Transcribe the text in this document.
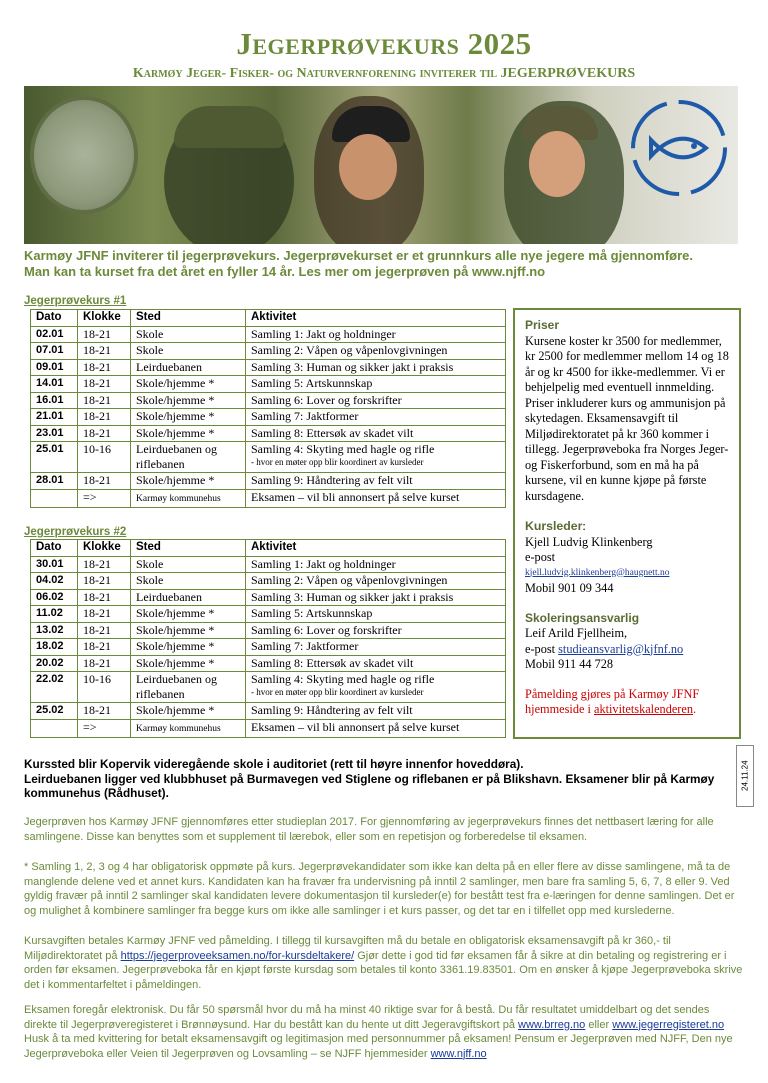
Jegerprøvekurs 2025
Karmøy Jeger- Fisker- og Naturvernforening inviterer til JEGERPRØVEKURS
Karmøy JFNF inviterer til jegerprøvekurs. Jegerprøvekurset er et grunnkurs alle nye jegere må gjennomføre.
Man kan ta kurset fra det året en fyller 14 år. Les mer om jegerprøven på www.njff.no
Jegerprøvekurs #1
Dato	Klokke	Sted	Aktivitet
02.01	18-21	Skole	Samling 1: Jakt og holdninger
07.01	18-21	Skole	Samling 2: Våpen og våpenlovgivningen
09.01	18-21	Leirduebanen	Samling 3: Human og sikker jakt i praksis
14.01	18-21	Skole/hjemme *	Samling 5: Artskunnskap
16.01	18-21	Skole/hjemme *	Samling 6: Lover og forskrifter
21.01	18-21	Skole/hjemme *	Samling 7: Jaktformer
23.01	18-21	Skole/hjemme *	Samling 8: Ettersøk av skadet vilt
25.01	10-16	Leirduebanen og
riflebanen	Samling 4: Skyting med hagle og rifle
- hvor en møter opp blir koordinert av kursleder

28.01	18-21	Skole/hjemme *	Samling 9: Håndtering av felt vilt
	=>	Karmøy kommunehus	Eksamen – vil bli annonsert på selve kurset
Jegerprøvekurs #2
Dato	Klokke	Sted	Aktivitet
30.01	18-21	Skole	Samling 1: Jakt og holdninger
04.02	18-21	Skole	Samling 2: Våpen og våpenlovgivningen
06.02	18-21	Leirduebanen	Samling 3: Human og sikker jakt i praksis
11.02	18-21	Skole/hjemme *	Samling 5: Artskunnskap
13.02	18-21	Skole/hjemme *	Samling 6: Lover og forskrifter
18.02	18-21	Skole/hjemme *	Samling 7: Jaktformer
20.02	18-21	Skole/hjemme *	Samling 8: Ettersøk av skadet vilt
22.02	10-16	Leirduebanen og
riflebanen	Samling 4: Skyting med hagle og rifle
- hvor en møter opp blir koordinert av kursleder

25.02	18-21	Skole/hjemme *	Samling 9: Håndtering av felt vilt
	=>	Karmøy kommunehus	Eksamen – vil bli annonsert på selve kurset
Priser
Kursene koster kr 3500 for medlemmer, kr 2500 for medlemmer mellom 14 og 18 år og kr 4500 for ikke-medlemmer. Vi er behjelpelig med eventuell innmelding. Priser inkluderer kurs og ammunisjon på skytedagen. Eksamensavgift til Miljødirektoratet på kr 360 kommer i tillegg. Jegerprøveboka fra Norges Jeger- og Fiskerforbund, som en må ha på kursene, vil en kunne kjøpe på første kursdagene.
Kursleder:
Kjell Ludvig Klinkenberg
e-post
kjell.ludvig.klinkenberg@haugnett.no
Mobil 901 09 344
Skoleringsansvarlig
Leif Arild Fjellheim,
e-post studieansvarlig@kjfnf.no
Mobil 911 44 728
Påmelding gjøres på Karmøy JFNF hjemmeside i aktivitetskalenderen.
24.11.24
Kurssted blir Kopervik videregående skole i auditoriet (rett til høyre innenfor hoveddøra).
Leirduebanen ligger ved klubbhuset på Burmavegen ved Stiglene og riflebanen er på Blikshavn. Eksamener blir på Karmøy kommunehus (Rådhuset).
Jegerprøven hos Karmøy JFNF gjennomføres etter studieplan 2017. For gjennomføring av jegerprøvekurs finnes det nettbasert læring for alle samlingene. Disse kan benyttes som et supplement til lærebok, eller som en repetisjon og forberedelse til eksamen.
* Samling 1, 2, 3 og 4 har obligatorisk oppmøte på kurs. Jegerprøvekandidater som ikke kan delta på en eller flere av disse samlingene, må ta de manglende delene ved et annet kurs. Kandidaten kan ha fravær fra undervisning på inntil 2 samlinger, men bare fra samling 5, 6, 7, 8 eller 9. Ved gyldig fravær på inntil 2 samlinger skal kandidaten levere dokumentasjon til kursleder(e) for bestått test fra e-læringen for denne samlingen. Det er og mulighet å kombinere samlinger fra begge kurs om ikke alle samlinger i et kurs passer, og det tar en i tilfellet opp med kurslederne.
Kursavgiften betales Karmøy JFNF ved påmelding. I tillegg til kursavgiften må du betale en obligatorisk eksamensavgift på kr 360,- til Miljødirektoratet på https://jegerproveeksamen.no/for-kursdeltakere/ Gjør dette i god tid før eksamen får å sikre at din betaling og registrering er i orden før eksamen. Jegerprøveboka får en kjøpt første kursdag som betales til konto 3361.19.83501. Om en ønsker å kjøpe Jegerprøveboka skrive det i kommentarfeltet i påmeldingen.
Eksamen foregår elektronisk. Du får 50 spørsmål hvor du må ha minst 40 riktige svar for å bestå. Du får resultatet umiddelbart og det sendes direkte til Jegerprøveregisteret i Brønnøysund. Har du bestått kan du hente ut ditt Jegeravgiftskort på www.brreg.no eller www.jegerregisteret.no Husk å ta med kvittering for betalt eksamensavgift og legitimasjon med personnummer på eksamen! Pensum er Jegerprøven med NJFF, Den nye Jegerprøveboka eller Veien til Jegerprøven og Lovsamling – se NJFF hjemmesider www.njff.no
